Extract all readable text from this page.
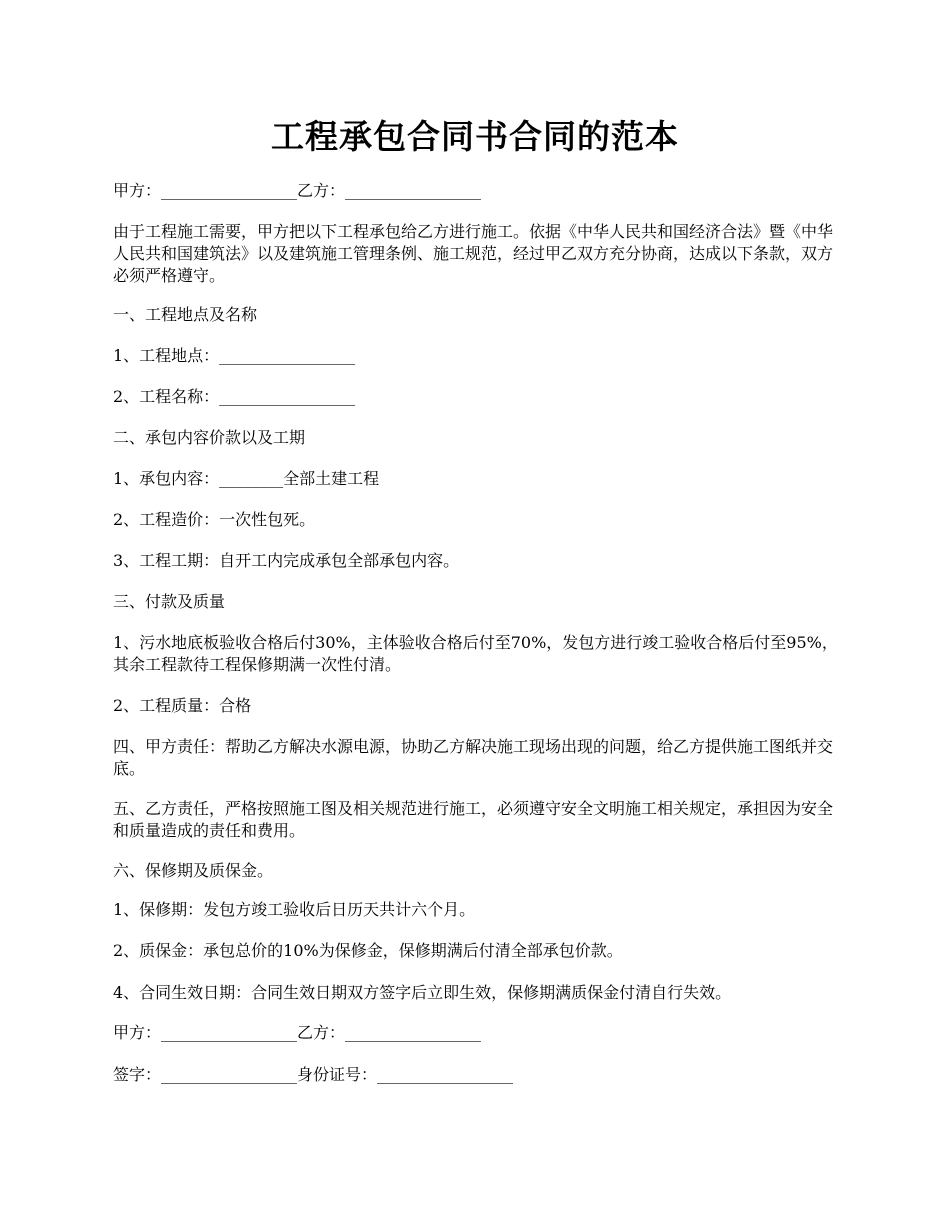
工程承包合同书合同的范本

甲方：_________________乙方：_________________

由于工程施工需要，甲方把以下工程承包给乙方进行施工。依据《中华人民共和国经济合法》暨《中华人民共和国建筑法》以及建筑施工管理条例、施工规范，经过甲乙双方充分协商，达成以下条款，双方必须严格遵守。

一、工程地点及名称

1、工程地点：_________________

2、工程名称：_________________

二、承包内容价款以及工期

1、承包内容：________全部土建工程

2、工程造价：一次性包死。

3、工程工期：自开工内完成承包全部承包内容。

三、付款及质量

1、污水地底板验收合格后付30%，主体验收合格后付至70%，发包方进行竣工验收合格后付至95%，其余工程款待工程保修期满一次性付清。

2、工程质量：合格

四、甲方责任：帮助乙方解决水源电源，协助乙方解决施工现场出现的问题，给乙方提供施工图纸并交底。

五、乙方责任，严格按照施工图及相关规范进行施工，必须遵守安全文明施工相关规定，承担因为安全和质量造成的责任和费用。

六、保修期及质保金。

1、保修期：发包方竣工验收后日历天共计六个月。

2、质保金：承包总价的10%为保修金，保修期满后付清全部承包价款。

4、合同生效日期：合同生效日期双方签字后立即生效，保修期满质保金付清自行失效。

甲方：_________________乙方：_________________

签字：_________________身份证号：_________________
